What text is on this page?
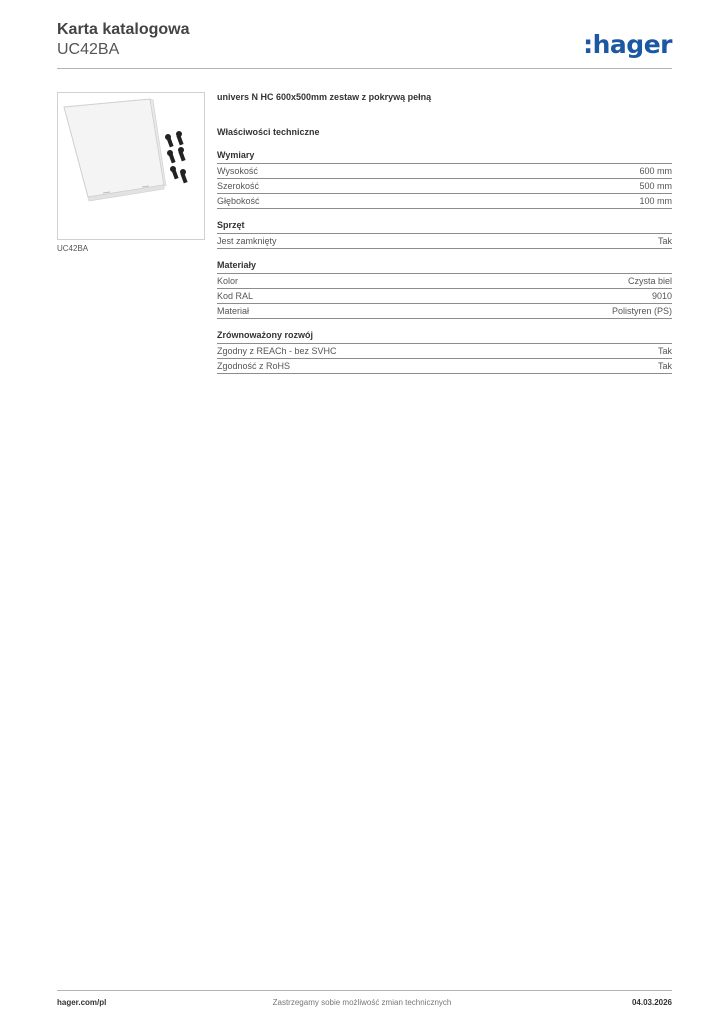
Karta katalogowa
UC42BA	:hager
UC42BA
univers N HC 600x500mm zestaw z pokrywą pełną
Właściwości techniczne
Wymiary
Wysokość	600 mm
Szerokość	500 mm
Głębokość	100 mm
Sprzęt
Jest zamknięty	Tak
Materiały
Kolor	Czysta biel
Kod RAL	9010
Materiał	Polistyren (PS)
Zrównoważony rozwój
Zgodny z REACh - bez SVHC	Tak
Zgodność z RoHS	Tak
hager.com/pl	Zastrzegamy sobie możliwość zmian technicznych	04.03.2026
